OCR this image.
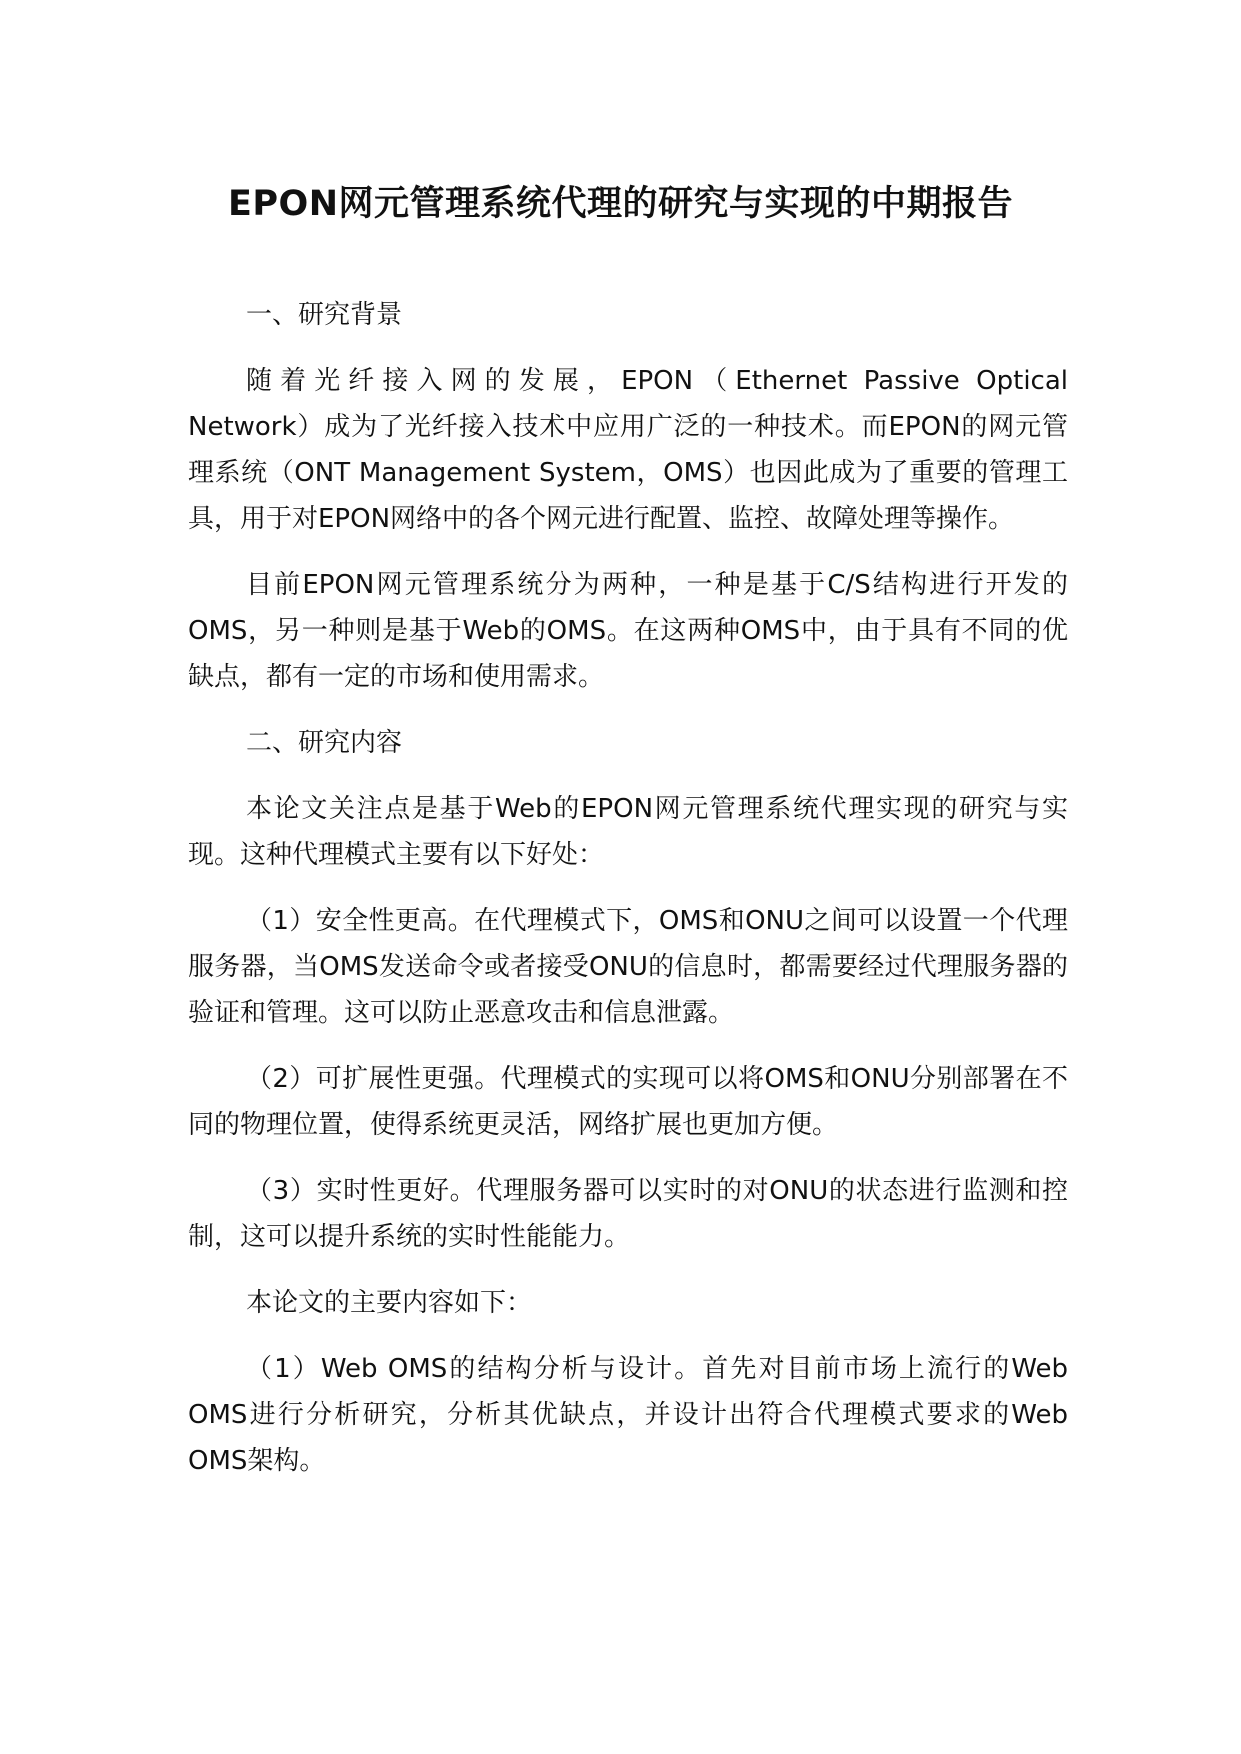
EPON网元管理系统代理的研究与实现的中期报告

一、研究背景

随着光纤接入网的发展，EPON（Ethernet Passive Optical Network）成为了光纤接入技术中应用广泛的一种技术。而EPON的网元管理系统（ONT Management System，OMS）也因此成为了重要的管理工具，用于对EPON网络中的各个网元进行配置、监控、故障处理等操作。

目前EPON网元管理系统分为两种，一种是基于C/S结构进行开发的OMS，另一种则是基于Web的OMS。在这两种OMS中，由于具有不同的优缺点，都有一定的市场和使用需求。

二、研究内容

本论文关注点是基于Web的EPON网元管理系统代理实现的研究与实现。这种代理模式主要有以下好处：

（1）安全性更高。在代理模式下，OMS和ONU之间可以设置一个代理服务器，当OMS发送命令或者接受ONU的信息时，都需要经过代理服务器的验证和管理。这可以防止恶意攻击和信息泄露。

（2）可扩展性更强。代理模式的实现可以将OMS和ONU分别部署在不同的物理位置，使得系统更灵活，网络扩展也更加方便。

（3）实时性更好。代理服务器可以实时的对ONU的状态进行监测和控制，这可以提升系统的实时性能能力。

本论文的主要内容如下：

（1）Web OMS的结构分析与设计。首先对目前市场上流行的Web OMS进行分析研究，分析其优缺点，并设计出符合代理模式要求的Web OMS架构。
